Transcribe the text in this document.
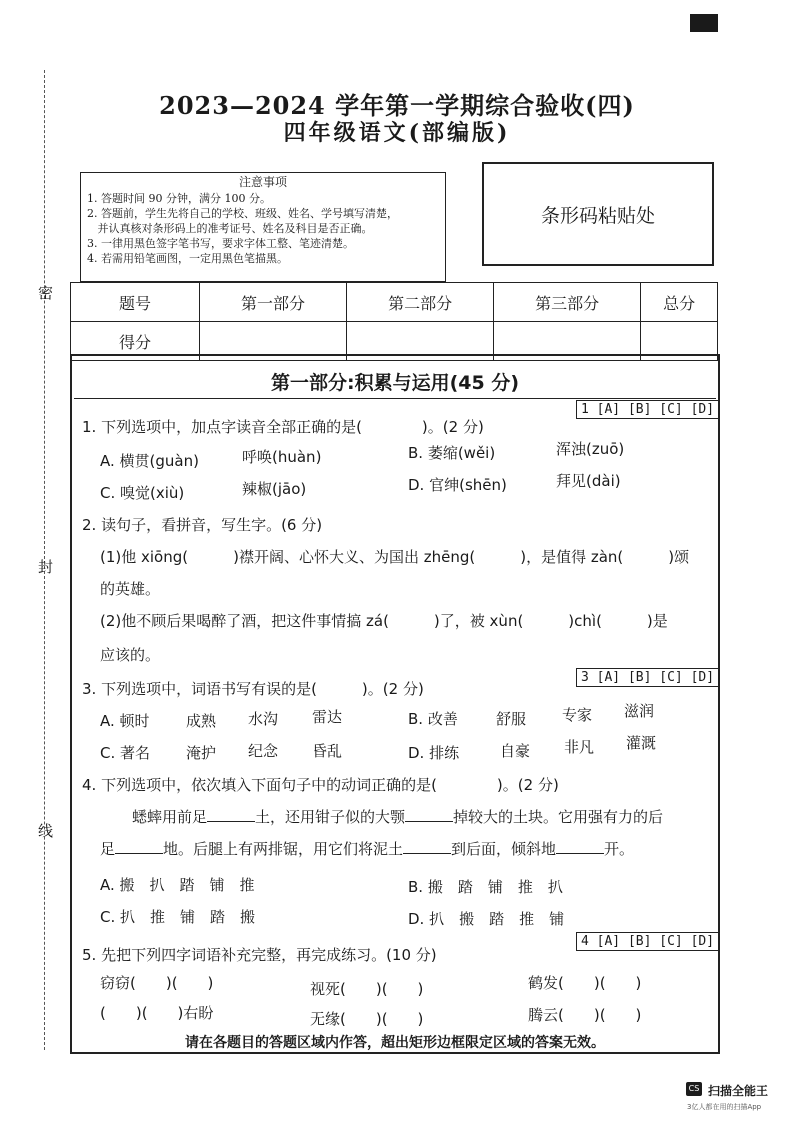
密
封
线
2023—2024 学年第一学期综合验收(四)
四年级语文(部编版)
注意事项
1. 答题时间 90 分钟，满分 100 分。
2. 答题前，学生先将自己的学校、班级、姓名、学号填写清楚，
并认真核对条形码上的准考证号、姓名及科目是否正确。
3. 一律用黑色签字笔书写，要求字体工整、笔迹清楚。
4. 若需用铅笔画图，一定用黑色笔描黑。
条形码粘贴处
题号	第一部分	第二部分	第三部分	总分
得分				
第一部分:积累与运用(45 分)
1. 下列选项中，加点字读音全部正确的是(　　　　)。(2 分)
1 [A] [B] [C] [D]
A. 横贯(guàn)	呼唤(huàn)	B. 萎缩(wěi)	浑浊(zuō)
C. 嗅觉(xiù)	辣椒(jāo)	D. 官绅(shēn)	拜见(dài)
2. 读句子，看拼音，写生字。(6 分)
(1)他 xiōng(　　　)襟开阔、心怀大义、为国出 zhēng(　　　)，是值得 zàn(　　　)颂
的英雄。
(2)他不顾后果喝醉了酒，把这件事情搞 zá(　　　)了，被 xùn(　　　)chì(　　　)是
应该的。
3. 下列选项中，词语书写有误的是(　　　)。(2 分)
3 [A] [B] [C] [D]
A. 顿时 成熟 水沟 雷达	B. 改善	舒服 专家 滋润
C. 著名 淹护 纪念 昏乱	D. 排练	自豪 非凡 灌溉
4. 下列选项中，依次填入下面句子中的动词正确的是(　　　　)。(2 分)
蟋蟀用前足	土，还用钳子似的大颚	掉较大的土块。它用强有力的后
足	地。后腿上有两排锯，用它们将泥土	到后面，倾斜地	开。
A. 搬　扒　踏　铺　推	B. 搬　踏　铺　推　扒
C. 扒　推　铺　踏　搬	D. 扒　搬　踏　推　铺
5. 先把下列四字词语补充完整，再完成练习。(10 分)
4 [A] [B] [C] [D]
窃窃(　　)(　　)	视死(　　)(　　)	鹤发(　　)(　　)
(　　)(　　)右盼	无缘(　　)(　　)	腾云(　　)(　　)
请在各题目的答题区域内作答，超出矩形边框限定区域的答案无效。
CS 扫描全能王
3亿人都在用的扫描App
